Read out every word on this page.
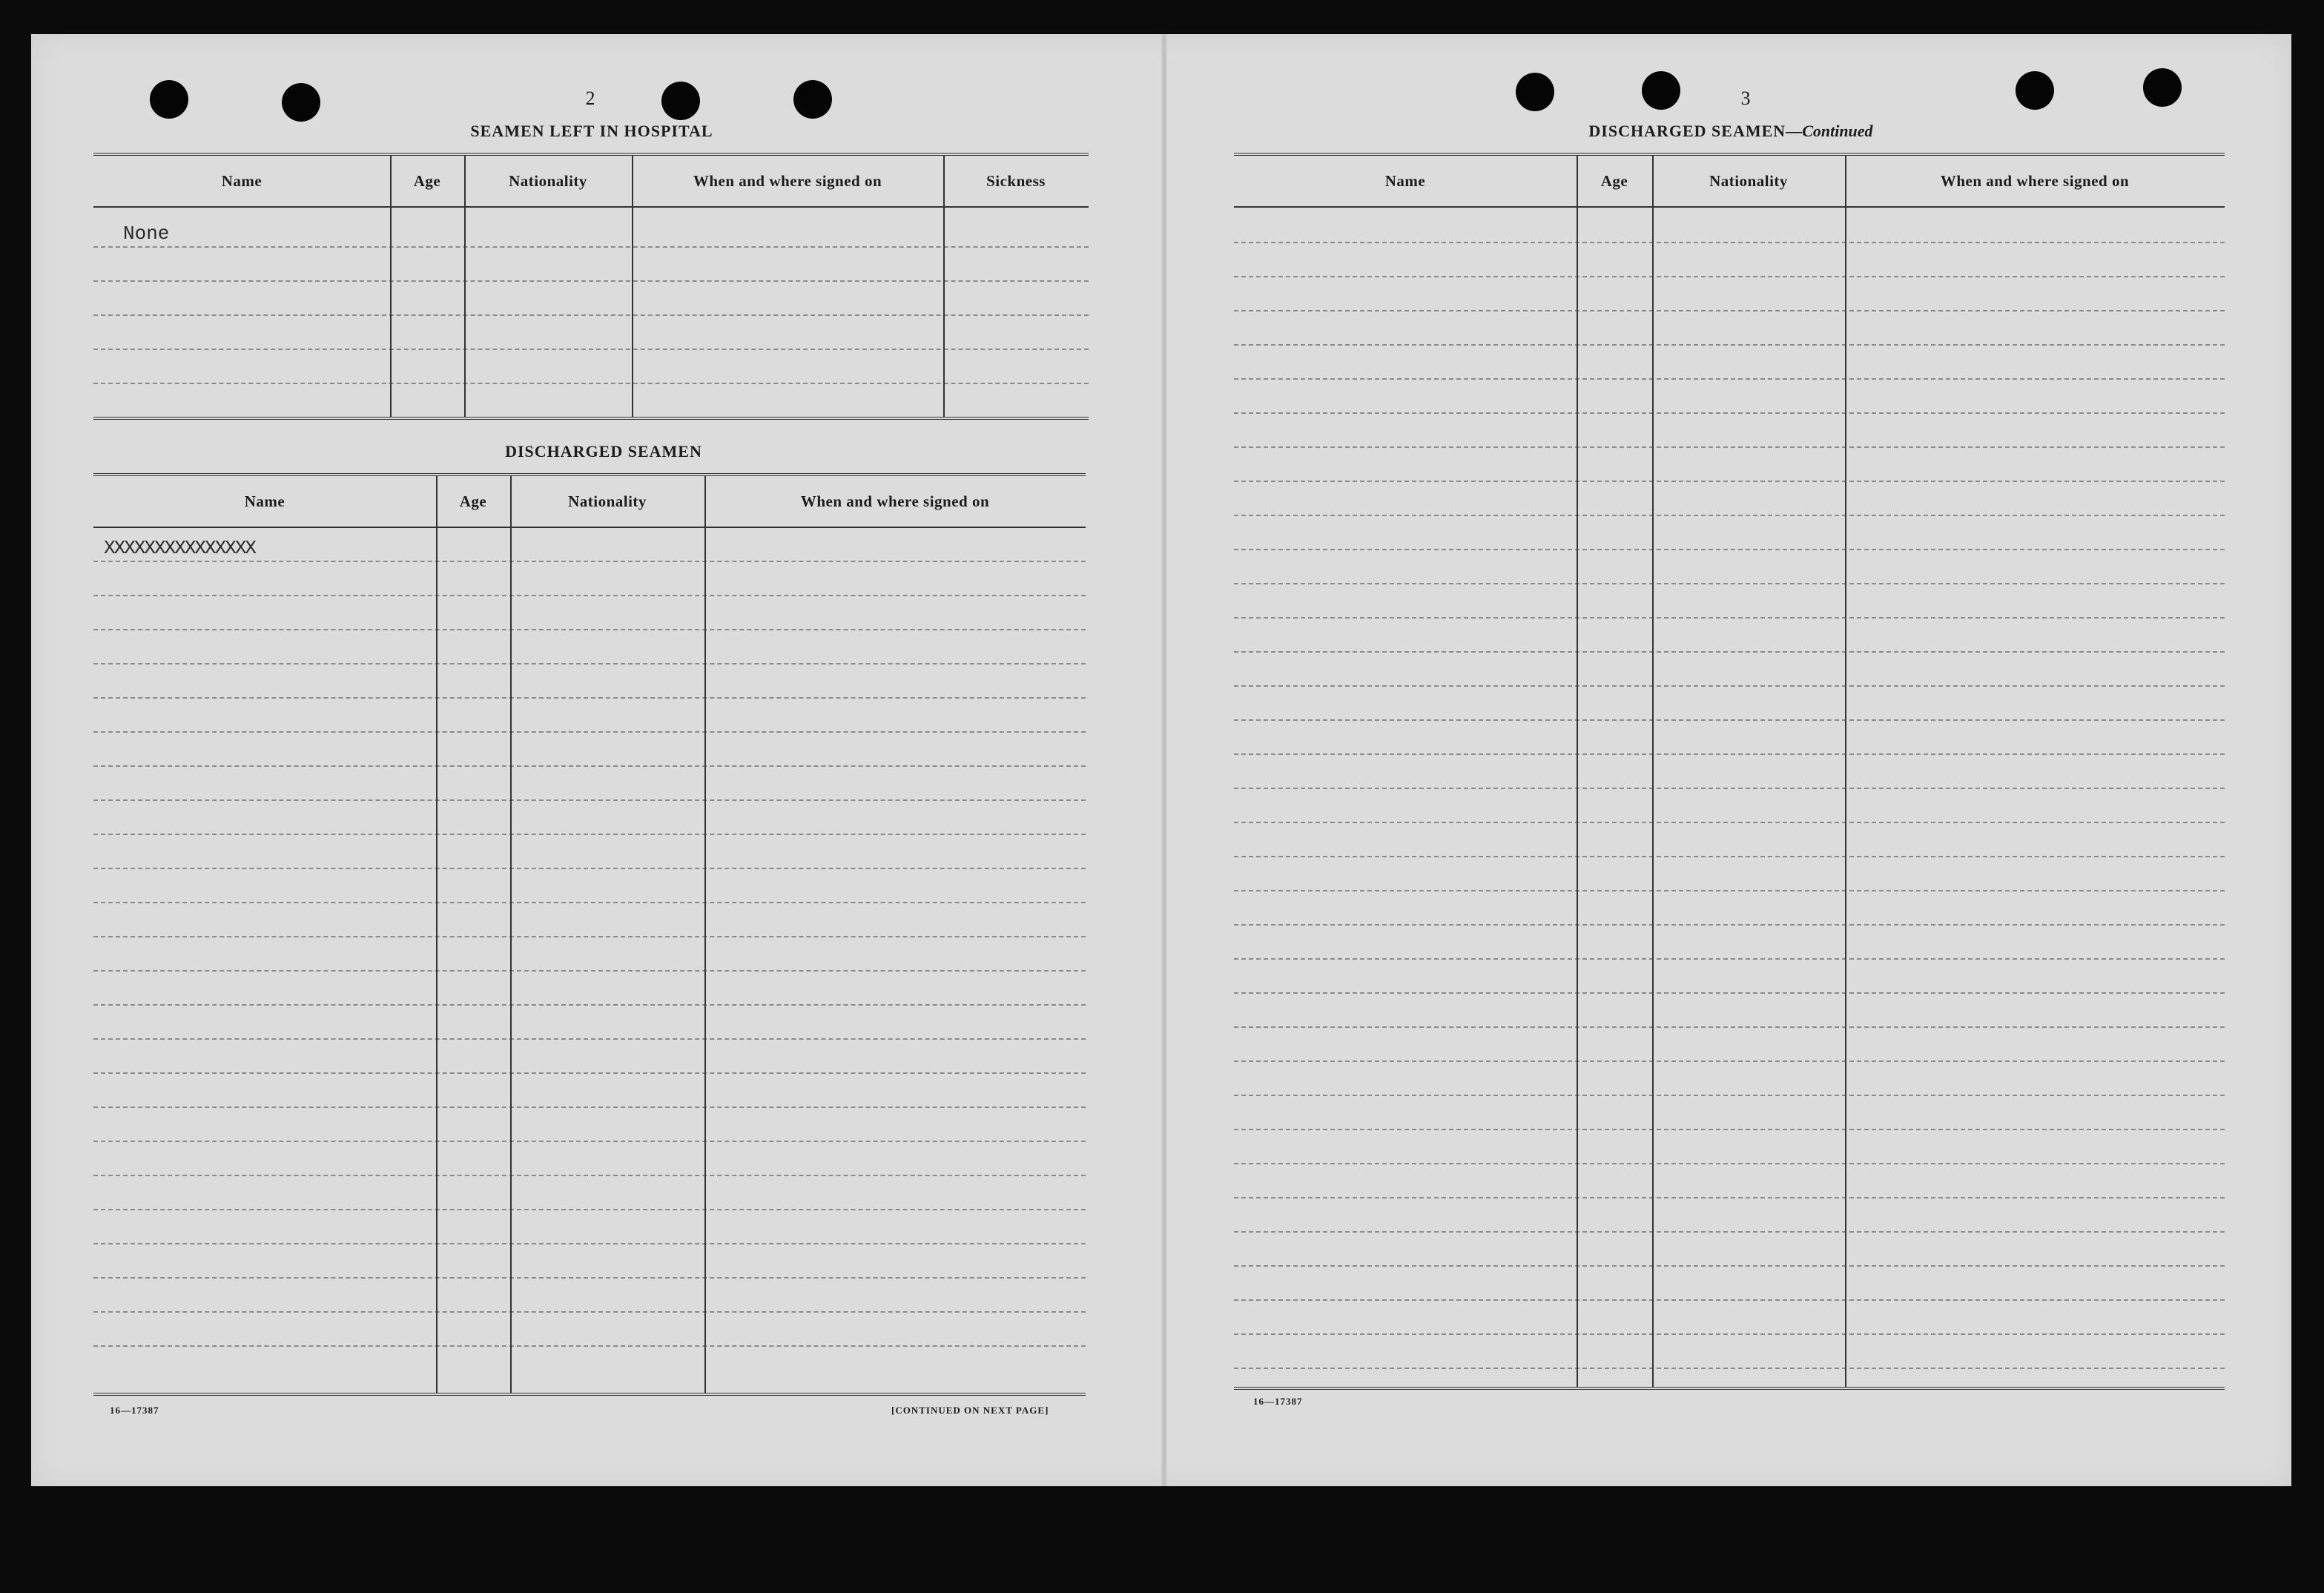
2
SEAMEN LEFT IN HOSPITAL
Name	Age	Nationality	When and where signed on	Sickness
None
DISCHARGED SEAMEN
Name	Age	Nationality	When and where signed on
XXXXXXXXXXXXXXX
16—17387	[CONTINUED ON NEXT PAGE]
3
DISCHARGED SEAMEN—Continued
Name	Age	Nationality	When and where signed on
16—17387
